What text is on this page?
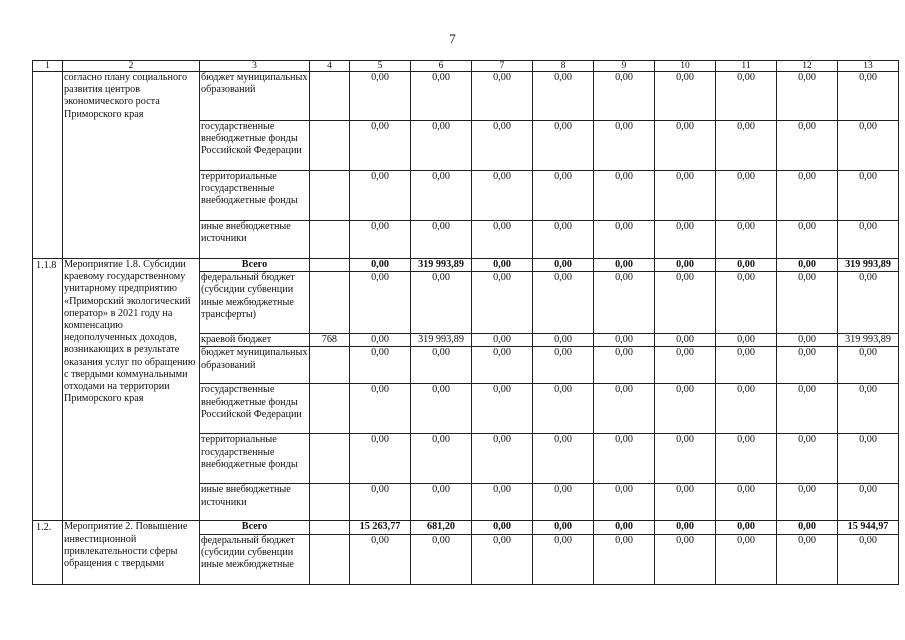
7
1	2	3	4	5	6	7	8	9	10	11	12	13
	согласно плану социального развития центров экономического роста Приморского края	бюджет муниципальных образований		0,00	0,00	0,00	0,00	0,00	0,00	0,00	0,00	0,00
		государственные внебюджетные фонды Российской Федерации		0,00	0,00	0,00	0,00	0,00	0,00	0,00	0,00	0,00
		территориальные государственные внебюджетные фонды		0,00	0,00	0,00	0,00	0,00	0,00	0,00	0,00	0,00
		иные внебюджетные источники		0,00	0,00	0,00	0,00	0,00	0,00	0,00	0,00	0,00
1.1.8	Мероприятие 1.8. Субсидии краевому государственному унитарному предприятию «Приморский экологический оператор» в 2021 году на компенсацию недополученных доходов, возникающих в результате оказания услуг по обращению с твердыми коммунальными отходами на территории Приморского края	Всего		0,00	319 993,89	0,00	0,00	0,00	0,00	0,00	0,00	319 993,89
		федеральный бюджет (субсидии субвенции иные межбюджетные трансферты)		0,00	0,00	0,00	0,00	0,00	0,00	0,00	0,00	0,00
		краевой бюджет	768	0,00	319 993,89	0,00	0,00	0,00	0,00	0,00	0,00	319 993,89
		бюджет муниципальных образований		0,00	0,00	0,00	0,00	0,00	0,00	0,00	0,00	0,00
		государственные внебюджетные фонды Российской Федерации		0,00	0,00	0,00	0,00	0,00	0,00	0,00	0,00	0,00
		территориальные государственные внебюджетные фонды		0,00	0,00	0,00	0,00	0,00	0,00	0,00	0,00	0,00
		иные внебюджетные источники		0,00	0,00	0,00	0,00	0,00	0,00	0,00	0,00	0,00
1.2.	Мероприятие 2. Повышение инвестиционной привлекательности сферы обращения с твердыми	Всего		15 263,77	681,20	0,00	0,00	0,00	0,00	0,00	0,00	15 944,97
		федеральный бюджет (субсидии субвенции иные межбюджетные		0,00	0,00	0,00	0,00	0,00	0,00	0,00	0,00	0,00
